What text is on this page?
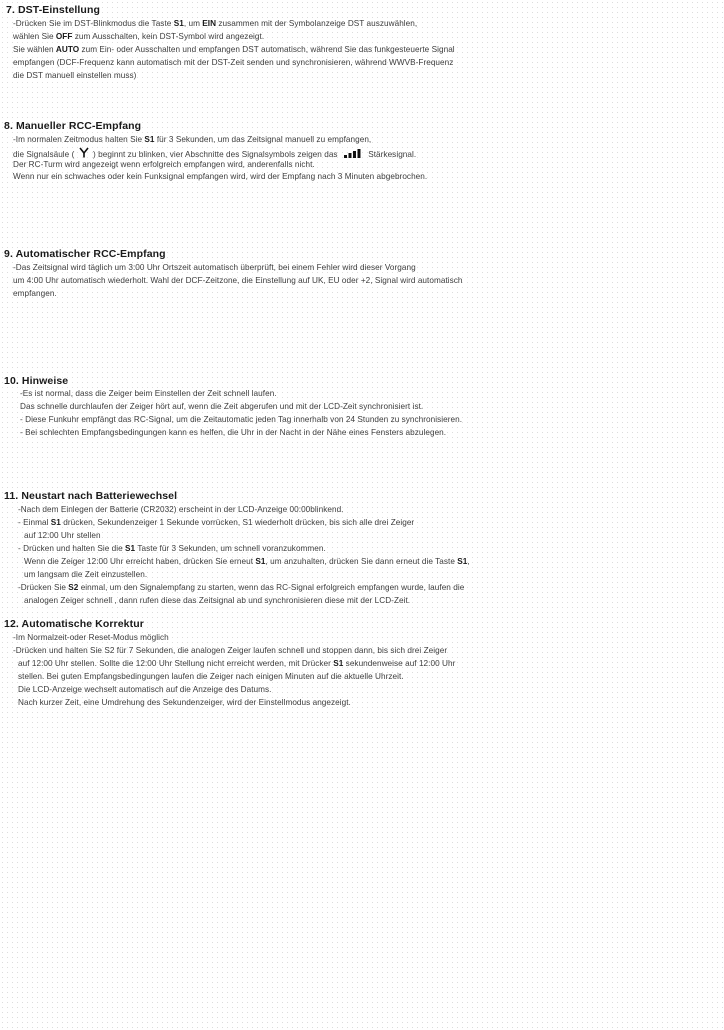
7. DST-Einstellung
-Drücken Sie im DST-Blinkmodus die Taste S1, um EIN zusammen mit der Symbolanzeige DST auszuwählen,
wählen Sie OFF zum Ausschalten, kein DST-Symbol wird angezeigt.
Sie wählen AUTO zum Ein- oder Ausschalten und empfangen DST automatisch, während Sie das funkgesteuerte Signal
empfangen (DCF-Frequenz kann automatisch mit der DST-Zeit senden und synchronisieren, während WWVB-Frequenz
die DST manuell einstellen muss)
8. Manueller RCC-Empfang
-Im normalen Zeitmodus halten Sie S1 für 3 Sekunden, um das Zeitsignal manuell zu empfangen,
die Signalsäule ( ) beginnt zu blinken, vier Abschnitte des Signalsymbols zeigen das	Stärkesignal.
Der RC-Turm wird angezeigt wenn erfolgreich empfangen wird, anderenfalls nicht.
Wenn nur ein schwaches oder kein Funksignal empfangen wird, wird der Empfang nach 3 Minuten abgebrochen.
9. Automatischer RCC-Empfang
-Das Zeitsignal wird täglich um 3:00 Uhr Ortszeit automatisch überprüft, bei einem Fehler wird dieser Vorgang
um 4:00 Uhr automatisch wiederholt. Wahl der DCF-Zeitzone, die Einstellung auf UK, EU oder +2, Signal wird automatisch
empfangen.
10. Hinweise
-Es ist normal, dass die Zeiger beim Einstellen der Zeit schnell laufen.
Das schnelle durchlaufen der Zeiger hört auf, wenn die Zeit abgerufen und mit der LCD-Zeit synchronisiert ist.
- Diese Funkuhr empfängt das RC-Signal, um die Zeitautomatic jeden Tag innerhalb von 24 Stunden zu synchronisieren.
- Bei schlechten Empfangsbedingungen kann es helfen, die Uhr in der Nacht in der Nähe eines Fensters abzulegen.
11. Neustart nach Batteriewechsel
-Nach dem Einlegen der Batterie (CR2032) erscheint in der LCD-Anzeige 00:00blinkend.
- Einmal S1 drücken, Sekundenzeiger 1 Sekunde vorrücken, S1 wiederholt drücken, bis sich alle drei Zeiger
auf 12:00 Uhr stellen
- Drücken und halten Sie die S1 Taste für 3 Sekunden, um schnell voranzukommen.
Wenn die Zeiger 12:00 Uhr erreicht haben, drücken Sie erneut S1, um anzuhalten, drücken Sie dann erneut die Taste S1,
um langsam die Zeit einzustellen.
-Drücken Sie S2 einmal, um den Signalempfang zu starten, wenn das RC-Signal erfolgreich empfangen wurde, laufen die
analogen Zeiger schnell , dann rufen diese das Zeitsignal ab und synchronisieren diese mit der LCD-Zeit.
12. Automatische Korrektur
-Im Normalzeit-oder Reset-Modus möglich
-Drücken und halten Sie S2 für 7 Sekunden, die analogen Zeiger laufen schnell und stoppen dann, bis sich drei Zeiger
auf 12:00 Uhr stellen. Sollte die 12:00 Uhr Stellung nicht erreicht werden, mit Drücker S1 sekundenweise auf 12:00 Uhr
stellen. Bei guten Empfangsbedingungen laufen die Zeiger nach einigen Minuten auf die aktuelle Uhrzeit.
Die LCD-Anzeige wechselt automatisch auf die Anzeige des Datums.
Nach kurzer Zeit, eine Umdrehung des Sekundenzeiger, wird der Einstellmodus angezeigt.
